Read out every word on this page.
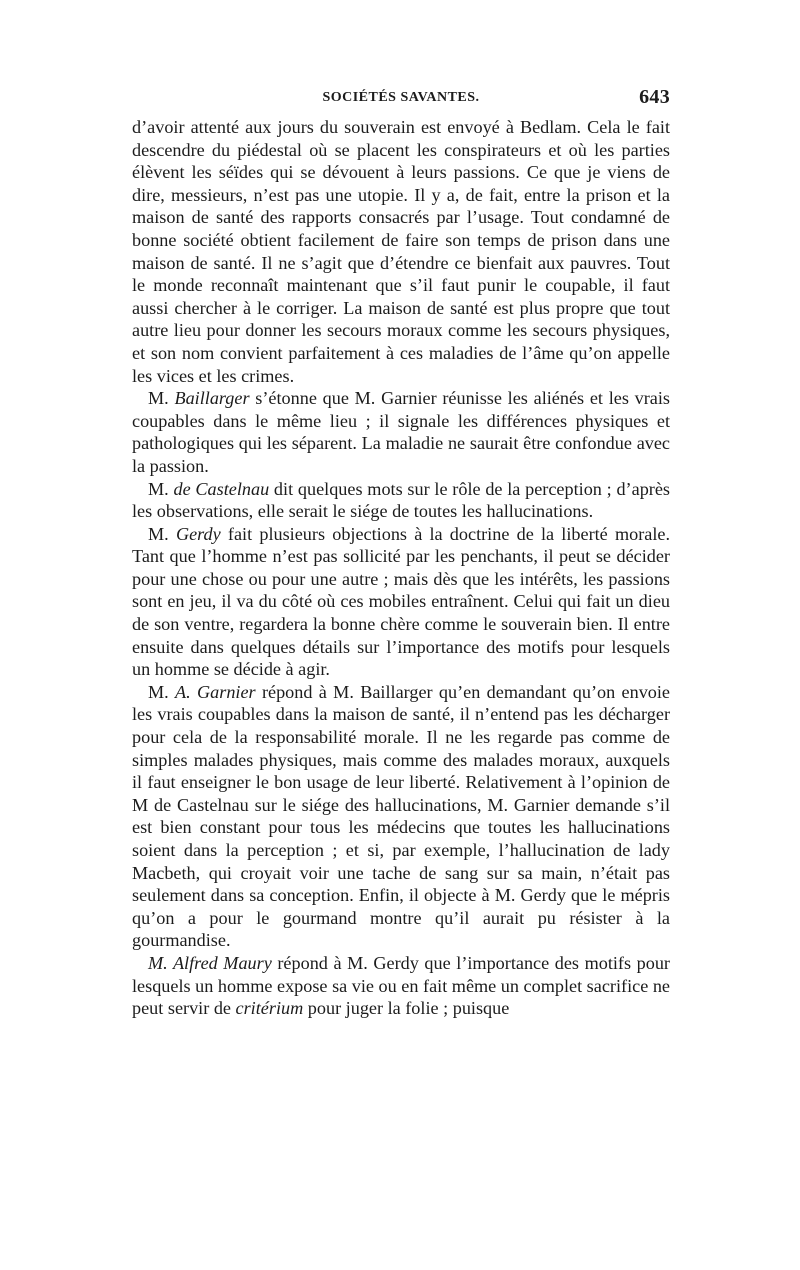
SOCIÉTÉS SAVANTES.	643

d’avoir attenté aux jours du souverain est envoyé à Bedlam. Cela le fait descendre du piédestal où se placent les conspirateurs et où les parties élèvent les séïdes qui se dévouent à leurs passions. Ce que je viens de dire, messieurs, n’est pas une utopie. Il y a, de fait, entre la prison et la maison de santé des rapports consacrés par l’usage. Tout condamné de bonne société obtient facilement de faire son temps de prison dans une maison de santé. Il ne s’agit que d’étendre ce bienfait aux pauvres. Tout le monde reconnaît maintenant que s’il faut punir le coupable, il faut aussi chercher à le corriger. La maison de santé est plus propre que tout autre lieu pour donner les secours moraux comme les secours physiques, et son nom convient parfaitement à ces maladies de l’âme qu’on appelle les vices et les crimes.

M. Baillarger s’étonne que M. Garnier réunisse les aliénés et les vrais coupables dans le même lieu ; il signale les différences physiques et pathologiques qui les séparent. La maladie ne saurait être confondue avec la passion.

M. de Castelnau dit quelques mots sur le rôle de la perception ; d’après les observations, elle serait le siége de toutes les hallucinations.

M. Gerdy fait plusieurs objections à la doctrine de la liberté morale. Tant que l’homme n’est pas sollicité par les penchants, il peut se décider pour une chose ou pour une autre ; mais dès que les intérêts, les passions sont en jeu, il va du côté où ces mobiles entraînent. Celui qui fait un dieu de son ventre, regardera la bonne chère comme le souverain bien. Il entre ensuite dans quelques détails sur l’importance des motifs pour lesquels un homme se décide à agir.

M. A. Garnier répond à M. Baillarger qu’en demandant qu’on envoie les vrais coupables dans la maison de santé, il n’entend pas les décharger pour cela de la responsabilité morale. Il ne les regarde pas comme de simples malades physiques, mais comme des malades moraux, auxquels il faut enseigner le bon usage de leur liberté. Relativement à l’opinion de M de Castelnau sur le siége des hallucinations, M. Garnier demande s’il est bien constant pour tous les médecins que toutes les hallucinations soient dans la perception ; et si, par exemple, l’hallucination de lady Macbeth, qui croyait voir une tache de sang sur sa main, n’était pas seulement dans sa conception. Enfin, il objecte à M. Gerdy que le mépris qu’on a pour le gourmand montre qu’il aurait pu résister à la gourmandise.

M. Alfred Maury répond à M. Gerdy que l’importance des motifs pour lesquels un homme expose sa vie ou en fait même un complet sacrifice ne peut servir de critérium pour juger la folie ; puisque
